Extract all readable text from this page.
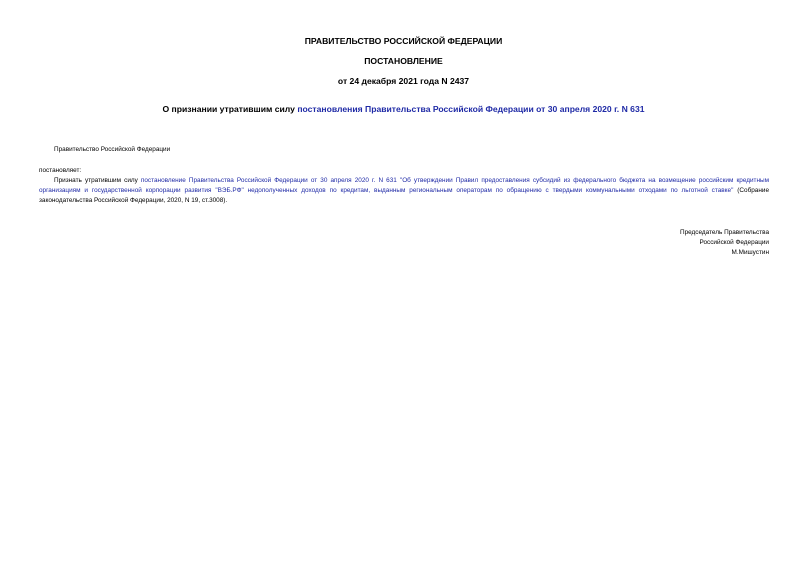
ПРАВИТЕЛЬСТВО РОССИЙСКОЙ ФЕДЕРАЦИИ
ПОСТАНОВЛЕНИЕ
от 24 декабря 2021 года N 2437
О признании утратившим силу постановления Правительства Российской Федерации от 30 апреля 2020 г. N 631
Правительство Российской Федерации
постановляет:
Признать утратившим силу постановление Правительства Российской Федерации от 30 апреля 2020 г. N 631 "Об утверждении Правил предоставления субсидий из федерального бюджета на возмещение российским кредитным организациям и государственной корпорации развития "ВЭБ.РФ" недополученных доходов по кредитам, выданным региональным операторам по обращению с твердыми коммунальными отходами по льготной ставке" (Собрание законодательства Российской Федерации, 2020, N 19, ст.3008).
Председатель Правительства
Российской Федерации
М.Мишустин
